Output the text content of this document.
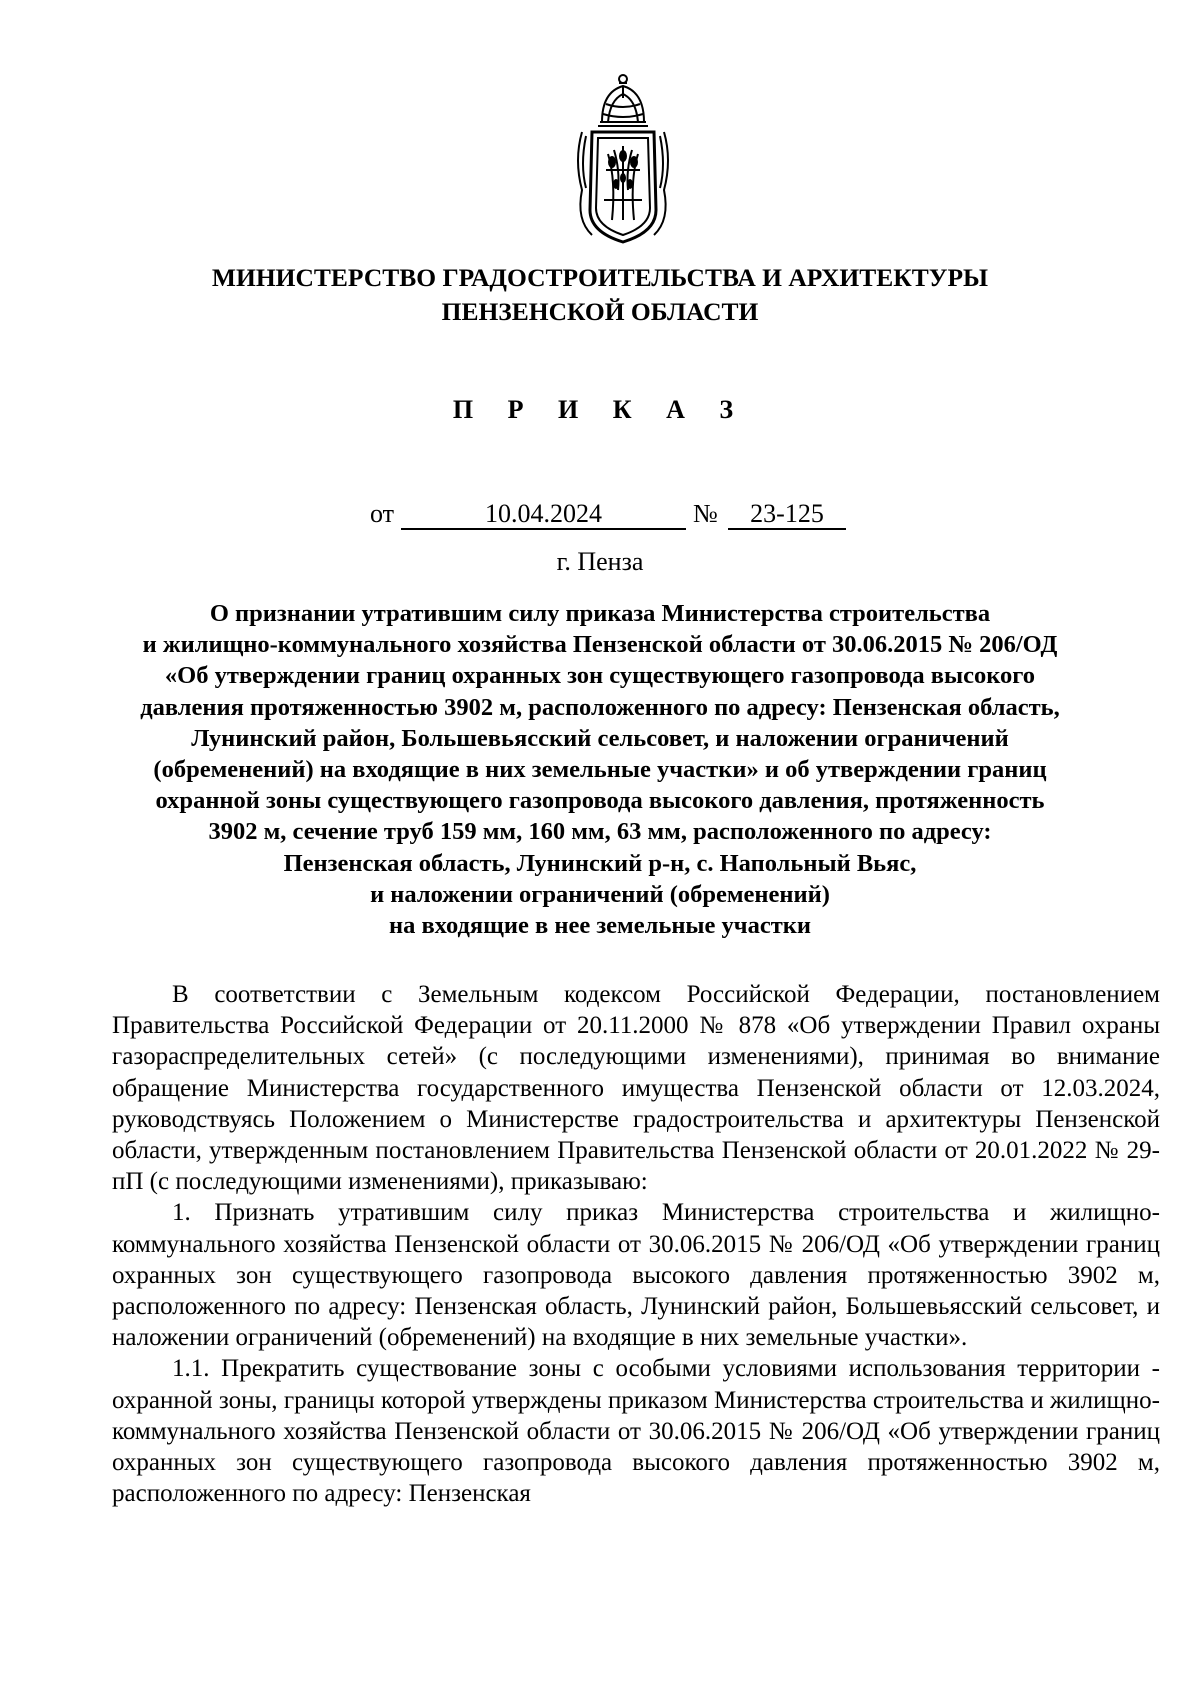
МИНИСТЕРСТВО ГРАДОСТРОИТЕЛЬСТВА И АРХИТЕКТУРЫ
ПЕНЗЕНСКОЙ ОБЛАСТИ
П Р И К А З
от	10.04.2024	№	23-125
г. Пенза
О признании утратившим силу приказа Министерства строительства
и жилищно-коммунального хозяйства Пензенской области от 30.06.2015 № 206/ОД
«Об утверждении границ охранных зон существующего газопровода высокого
давления протяженностью 3902 м, расположенного по адресу: Пензенская область,
Лунинский район, Большевьясский сельсовет, и наложении ограничений
(обременений) на входящие в них земельные участки» и об утверждении границ
охранной зоны существующего газопровода высокого давления, протяженность
3902 м, сечение труб 159 мм, 160 мм, 63 мм, расположенного по адресу:
Пензенская область, Лунинский р-н, с. Напольный Вьяс,
и наложении ограничений (обременений)
на входящие в нее земельные участки

В соответствии с Земельным кодексом Российской Федерации, постановлением Правительства Российской Федерации от 20.11.2000 № 878 «Об утверждении Правил охраны газораспределительных сетей» (с последующими изменениями), принимая во внимание обращение Министерства государственного имущества Пензенской области от 12.03.2024, руководствуясь Положением о Министерстве градостроительства и архитектуры Пензенской области, утвержденным постановлением Правительства Пензенской области от 20.01.2022 № 29-пП (с последующими изменениями), приказываю:

1. Признать утратившим силу приказ Министерства строительства и жилищно-коммунального хозяйства Пензенской области от 30.06.2015 № 206/ОД «Об утверждении границ охранных зон существующего газопровода высокого давления протяженностью 3902 м, расположенного по адресу: Пензенская область, Лунинский район, Большевьясский сельсовет, и наложении ограничений (обременений) на входящие в них земельные участки».

1.1. Прекратить существование зоны с особыми условиями использования территории - охранной зоны, границы которой утверждены приказом Министерства строительства и жилищно-коммунального хозяйства Пензенской области от 30.06.2015 № 206/ОД «Об утверждении границ охранных зон существующего газопровода высокого давления протяженностью 3902 м, расположенного по адресу: Пензенская
